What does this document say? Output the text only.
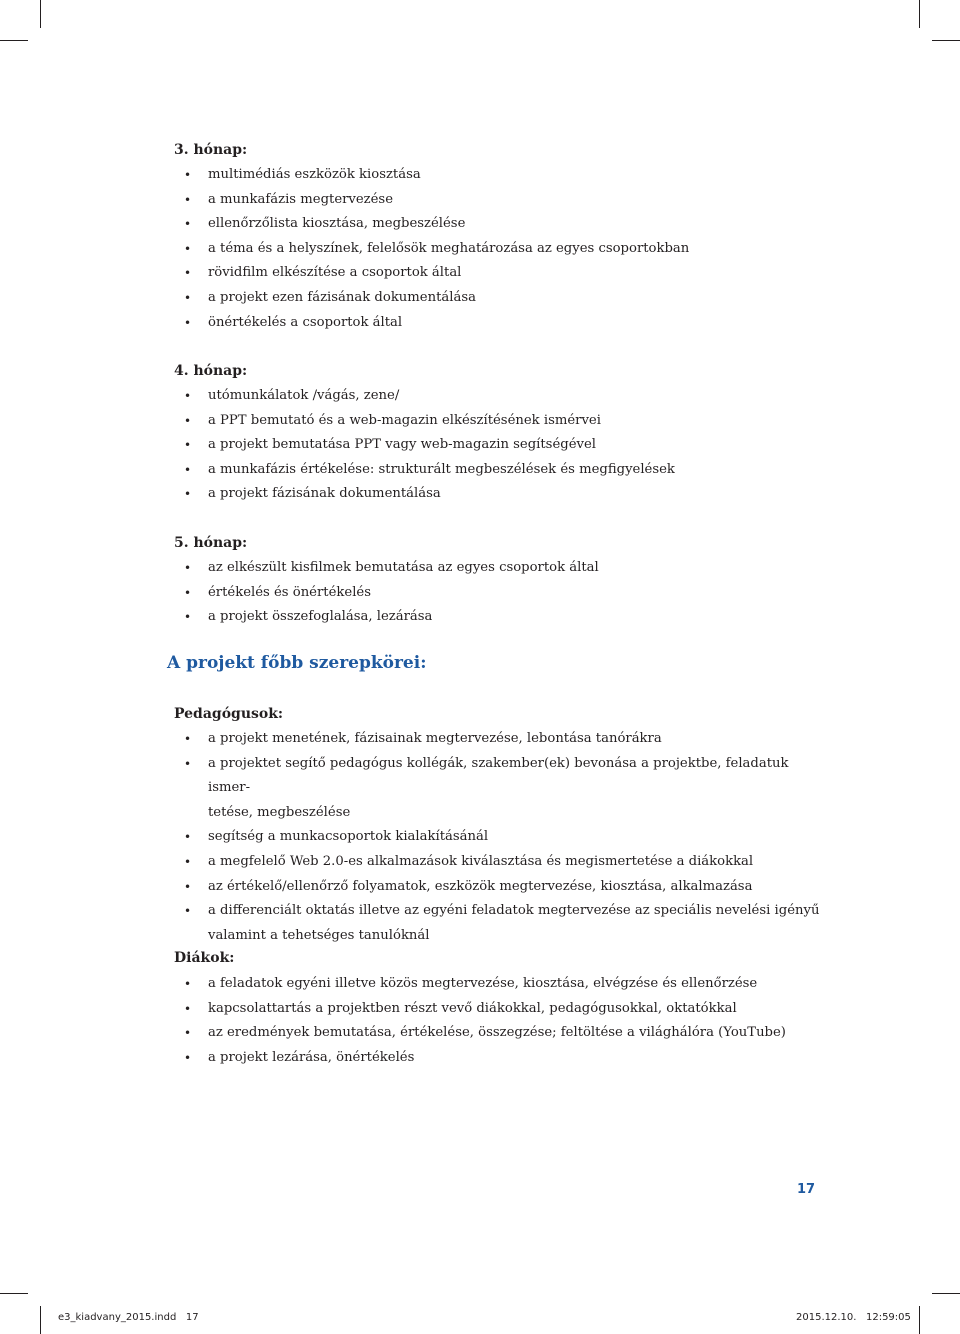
3. hónap:
• multimédiás eszközök kiosztása
• a munkafázis megtervezése
• ellenőrzőlista kiosztása, megbeszélése
• a téma és a helyszínek, felelősök meghatározása az egyes csoportokban
• rövidfilm elkészítése a csoportok által
• a projekt ezen fázisának dokumentálása
• önértékelés a csoportok által
4. hónap:
• utómunkálatok /vágás, zene/
• a PPT bemutató és a web-magazin elkészítésének ismérvei
• a projekt bemutatása PPT vagy web-magazin segítségével
• a munkafázis értékelése: strukturált megbeszélések és megfigyelések
• a projekt fázisának dokumentálása
5. hónap:
• az elkészült kisfilmek bemutatása az egyes csoportok által
• értékelés és önértékelés
• a projekt összefoglalása, lezárása
A projekt főbb szerepkörei:
Pedagógusok:
• a projekt menetének, fázisainak megtervezése, lebontása tanórákra
• a projektet segítő pedagógus kollégák, szakember(ek) bevonása a projektbe, feladatuk ismer-
tetése, megbeszélése
• segítség a munkacsoportok kialakításánál
• a megfelelő Web 2.0-es alkalmazások kiválasztása és megismertetése a diákokkal
• az értékelő/ellenőrző folyamatok, eszközök megtervezése, kiosztása, alkalmazása
• a differenciált oktatás illetve az egyéni feladatok megtervezése az speciális nevelési igényű
valamint a tehetséges tanulóknál
Diákok:
• a feladatok egyéni illetve közös megtervezése, kiosztása, elvégzése és ellenőrzése
• kapcsolattartás a projektben részt vevő diákokkal, pedagógusokkal, oktatókkal
• az eredmények bemutatása, értékelése, összegzése; feltöltése a világhálóra (YouTube)
• a projekt lezárása, önértékelés
17
e3_kiadvany_2015.indd   17	2015.12.10.   12:59:05
